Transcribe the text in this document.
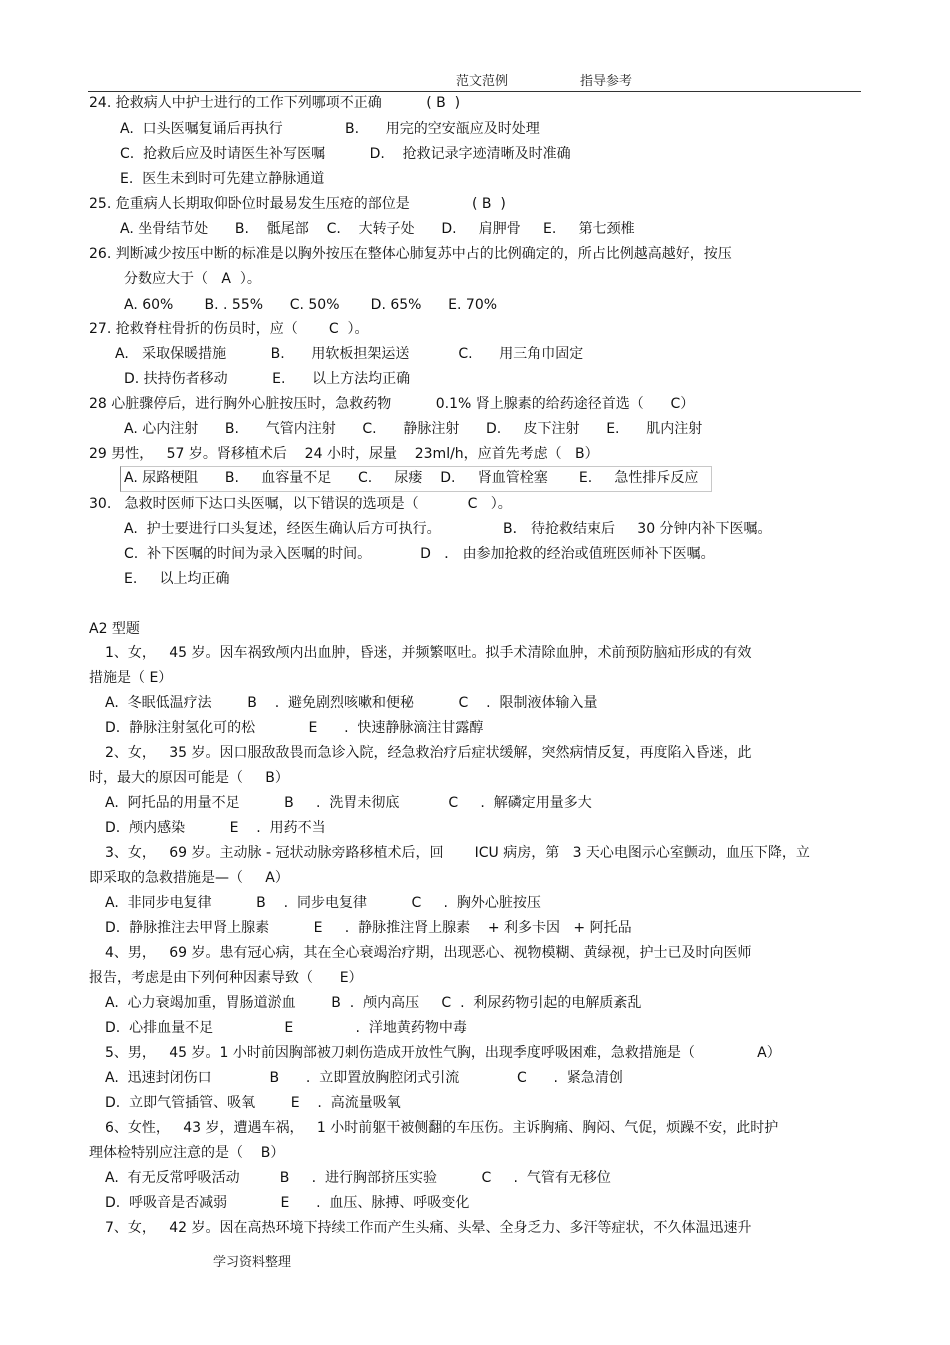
范文范例	指导参考
24. 抢救病人中护士进行的工作下列哪项不正确          ( B  )
A.  口头医嘱复诵后再执行              B.      用完的空安瓿应及时处理
C.  抢救后应及时请医生补写医嘱          D.    抢救记录字迹清晰及时准确
E.  医生未到时可先建立静脉通道
25. 危重病人长期取仰卧位时最易发生压疮的部位是              ( B  )
A. 坐骨结节处      B.    骶尾部    C.    大转子处      D.     肩胛骨     E.     第七颈椎
26. 判断减少按压中断的标准是以胸外按压在整体心肺复苏中占的比例确定的，所占比例越高越好，按压
分数应大于（   A  ）。
A. 60%       B. . 55%      C. 50%       D. 65%      E. 70%
27. 抢救脊柱骨折的伤员时，应（       C  ）。
A.   采取保暖措施          B.      用软板担架运送           C.      用三角巾固定
D. 扶持伤者移动          E.      以上方法均正确
28 心脏骤停后，进行胸外心脏按压时，急救药物          0.1% 肾上腺素的给药途径首选（      C）
A. 心内注射      B.      气管内注射      C.      静脉注射      D.     皮下注射      E.      肌内注射
29 男性，   57 岁。肾移植术后    24 小时，尿量    23ml/h，应首先考虑（   B）
A. 尿路梗阻      B.     血容量不足      C.     尿瘘    D.     肾血管栓塞       E.     急性排斥反应
30.   急救时医师下达口头医嘱，以下错误的选项是（           C   ）。
A.  护士要进行口头复述，经医生确认后方可执行。              B． 待抢救结束后     30 分钟内补下医嘱。
C.  补下医嘱的时间为录入医嘱的时间。           D   ． 由参加抢救的经治或值班医师补下医嘱。
E.     以上均正确
A2 型题
1、女，   45 岁。因车祸致颅内出血肿，昏迷，并频繁呕吐。拟手术清除血肿，术前预防脑疝形成的有效
措施是（ E）
A.  冬眠低温疗法        B    .  避免剧烈咳嗽和便秘          C    .  限制液体输入量
D.  静脉注射氢化可的松            E      .  快速静脉滴注甘露醇
2、女，   35 岁。因口服敌敌畏而急诊入院，经急救治疗后症状缓解，突然病情反复，再度陷入昏迷，此
时，最大的原因可能是（     B）
A.  阿托品的用量不足          B     .  洗胃未彻底           C     .  解磷定用量多大
D.  颅内感染          E    .  用药不当
3、女，   69 岁。主动脉 - 冠状动脉旁路移植术后，回       ICU 病房，第   3 天心电图示心室颤动，血压下降，立
即采取的急救措施是—（     A）
A.  非同步电复律          B    .  同步电复律          C     .  胸外心脏按压
D.  静脉推注去甲肾上腺素          E     .  静脉推注肾上腺素    + 利多卡因   + 阿托品
4、男，   69 岁。患有冠心病，其在全心衰竭治疗期，出现恶心、视物模糊、黄绿视，护士已及时向医师
报告，考虑是由下列何种因素导致（      E）
A.  心力衰竭加重，胃肠道淤血        B  .  颅内高压     C  .  利尿药物引起的电解质紊乱
D.  心排血量不足                E              .  洋地黄药物中毒
5、男，   45 岁。1 小时前因胸部被刀刺伤造成开放性气胸，出现季度呼吸困难，急救措施是（              A）
A.  迅速封闭伤口             B      .  立即置放胸腔闭式引流             C      .  紧急清创
D.  立即气管插管、吸氧        E    .  高流量吸氧
6、女性，   43 岁，遭遇车祸，   1 小时前躯干被侧翻的车压伤。主诉胸痛、胸闷、气促，烦躁不安，此时护
理体检特别应注意的是（    B）
A.  有无反常呼吸活动         B     .  进行胸部挤压实验          C     .  气管有无移位
D.  呼吸音是否减弱            E      .  血压、脉搏、呼吸变化
7、女，   42 岁。因在高热环境下持续工作而产生头痛、头晕、全身乏力、多汗等症状，不久体温迅速升
学习资料整理
